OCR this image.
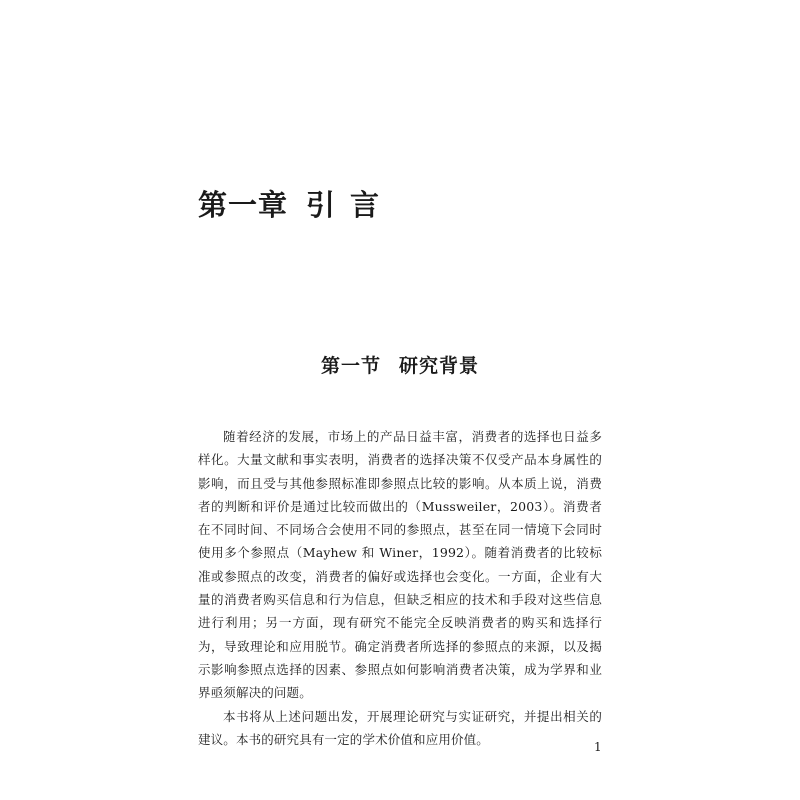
第一章 引 言
第一节 研究背景

随着经济的发展，市场上的产品日益丰富，消费者的选择也日益多样化。大量文献和事实表明，消费者的选择决策不仅受产品本身属性的影响，而且受与其他参照标准即参照点比较的影响。从本质上说，消费者的判断和评价是通过比较而做出的（Mussweiler，2003）。消费者在不同时间、不同场合会使用不同的参照点，甚至在同一情境下会同时使用多个参照点（Mayhew 和 Winer，1992）。随着消费者的比较标准或参照点的改变，消费者的偏好或选择也会变化。一方面，企业有大量的消费者购买信息和行为信息，但缺乏相应的技术和手段对这些信息进行利用；另一方面，现有研究不能完全反映消费者的购买和选择行为，导致理论和应用脱节。确定消费者所选择的参照点的来源，以及揭示影响参照点选择的因素、参照点如何影响消费者决策，成为学界和业界亟须解决的问题。

本书将从上述问题出发，开展理论研究与实证研究，并提出相关的建议。本书的研究具有一定的学术价值和应用价值。

1
